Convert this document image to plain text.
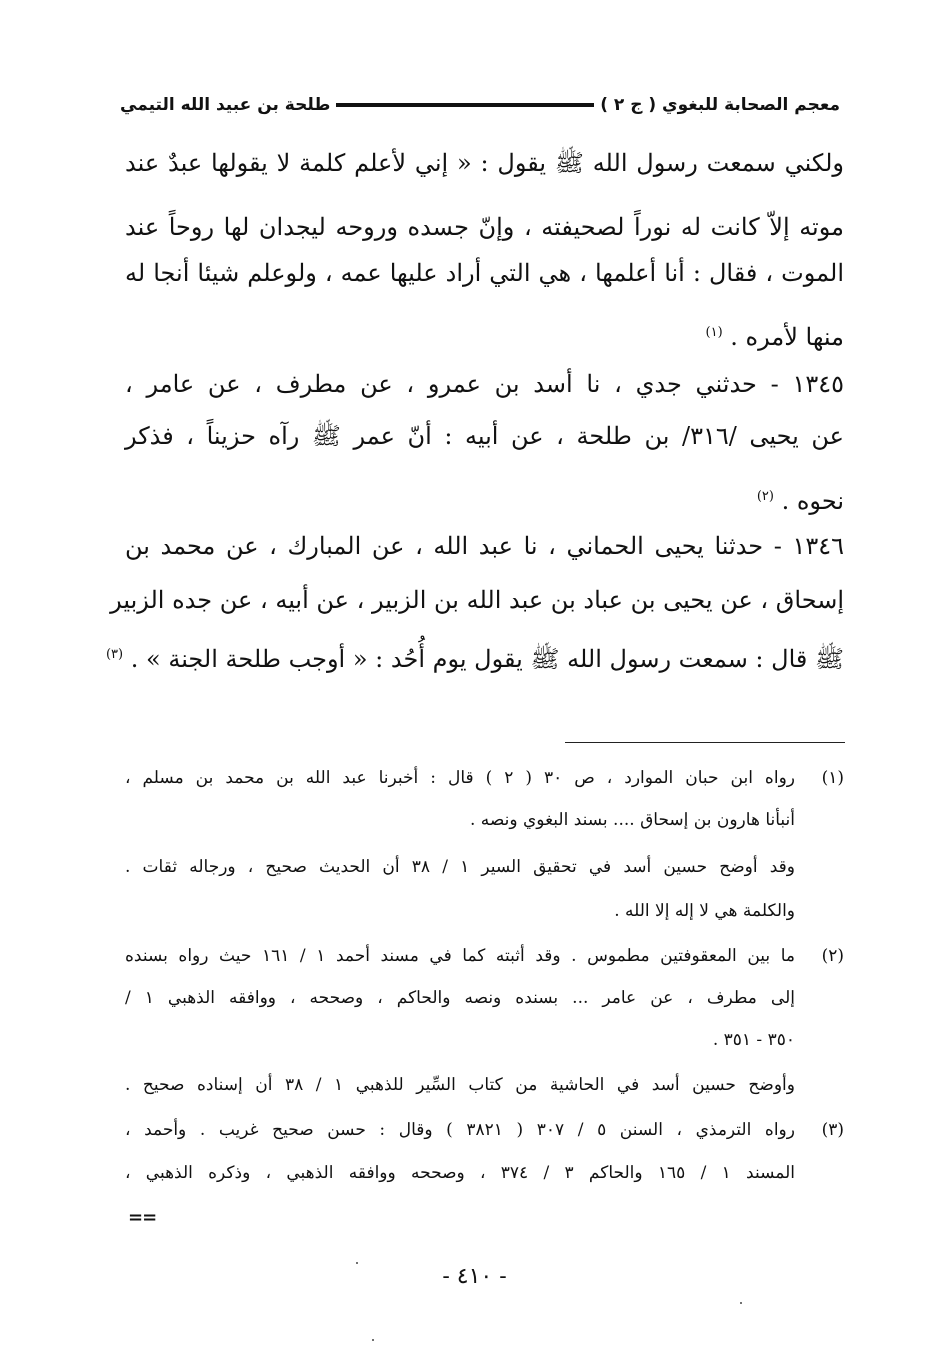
معجم الصحابة للبغوي ( ج ٢ )
طلحة بن عبيد الله التيمي
ولكني سمعت رسول الله ﷺ يقول : « إني لأعلم كلمة لا يقولها عبدٌ عند
موته إلاّ كانت له نوراً لصحيفته ، وإنّ جسده وروحه ليجدان لها روحاً عند
الموت ، فقال : أنا أعلمها ، هي التي أراد عليها عمه ، ولوعلم شيئا أنجا له
منها لأمره . $^{(١)}$
١٣٤٥ - حدثني جدي ، نا أسد بن عمرو ، عن مطرف ، عن عامر ،
عن يحيى /٣١٦/ بن طلحة ، عن أبيه : أنّ عمر ﷺ رآه حزيناً ، فذكر
نحوه . $^{(٢)}$
١٣٤٦ - حدثنا يحيى الحماني ، نا عبد الله ، عن المبارك ، عن محمد بن
إسحاق ، عن يحيى بن عباد بن عبد الله بن الزبير ، عن أبيه ، عن جده الزبير
ﷺ قال : سمعت رسول الله ﷺ يقول يوم أُحُد : « أوجب طلحة الجنة » . $^{(٣)}$
(١)
رواه ابن حبان الموارد ، ص ٣٠ ( ٢ ) قال : أخبرنا عبد الله بن محمد بن مسلم ،
أنبأنا هارون بن إسحاق .... بسند البغوي ونصه .
وقد أوضح حسين أسد في تحقيق السير ١ / ٣٨ أن الحديث صحيح ، ورجاله ثقات .
والكلمة هي لا إله إلا الله .
(٢)
ما بين المعقوفتين مطموس . وقد أثبته كما في مسند أحمد ١ / ١٦١ حيث رواه بسنده
إلى مطرف ، عن عامر ... بسنده ونصه والحاكم ، وصححه ، ووافقه الذهبي ١ /
٣٥٠ - ٣٥١ .
وأوضح حسين أسد في الحاشية من كتاب السِّير للذهبي ١ / ٣٨ أن إسناده صحيح .
(٣)
رواه الترمذي ، السنن ٥ / ٣٠٧ ( ٣٨٢١ ) وقال : حسن صحيح غريب . وأحمد ،
المسند ١ / ١٦٥ والحاكم ٣ / ٣٧٤ ، وصححه ووافقه الذهبي ، وذكره الذهبي ،
==
- ٤١٠ -
